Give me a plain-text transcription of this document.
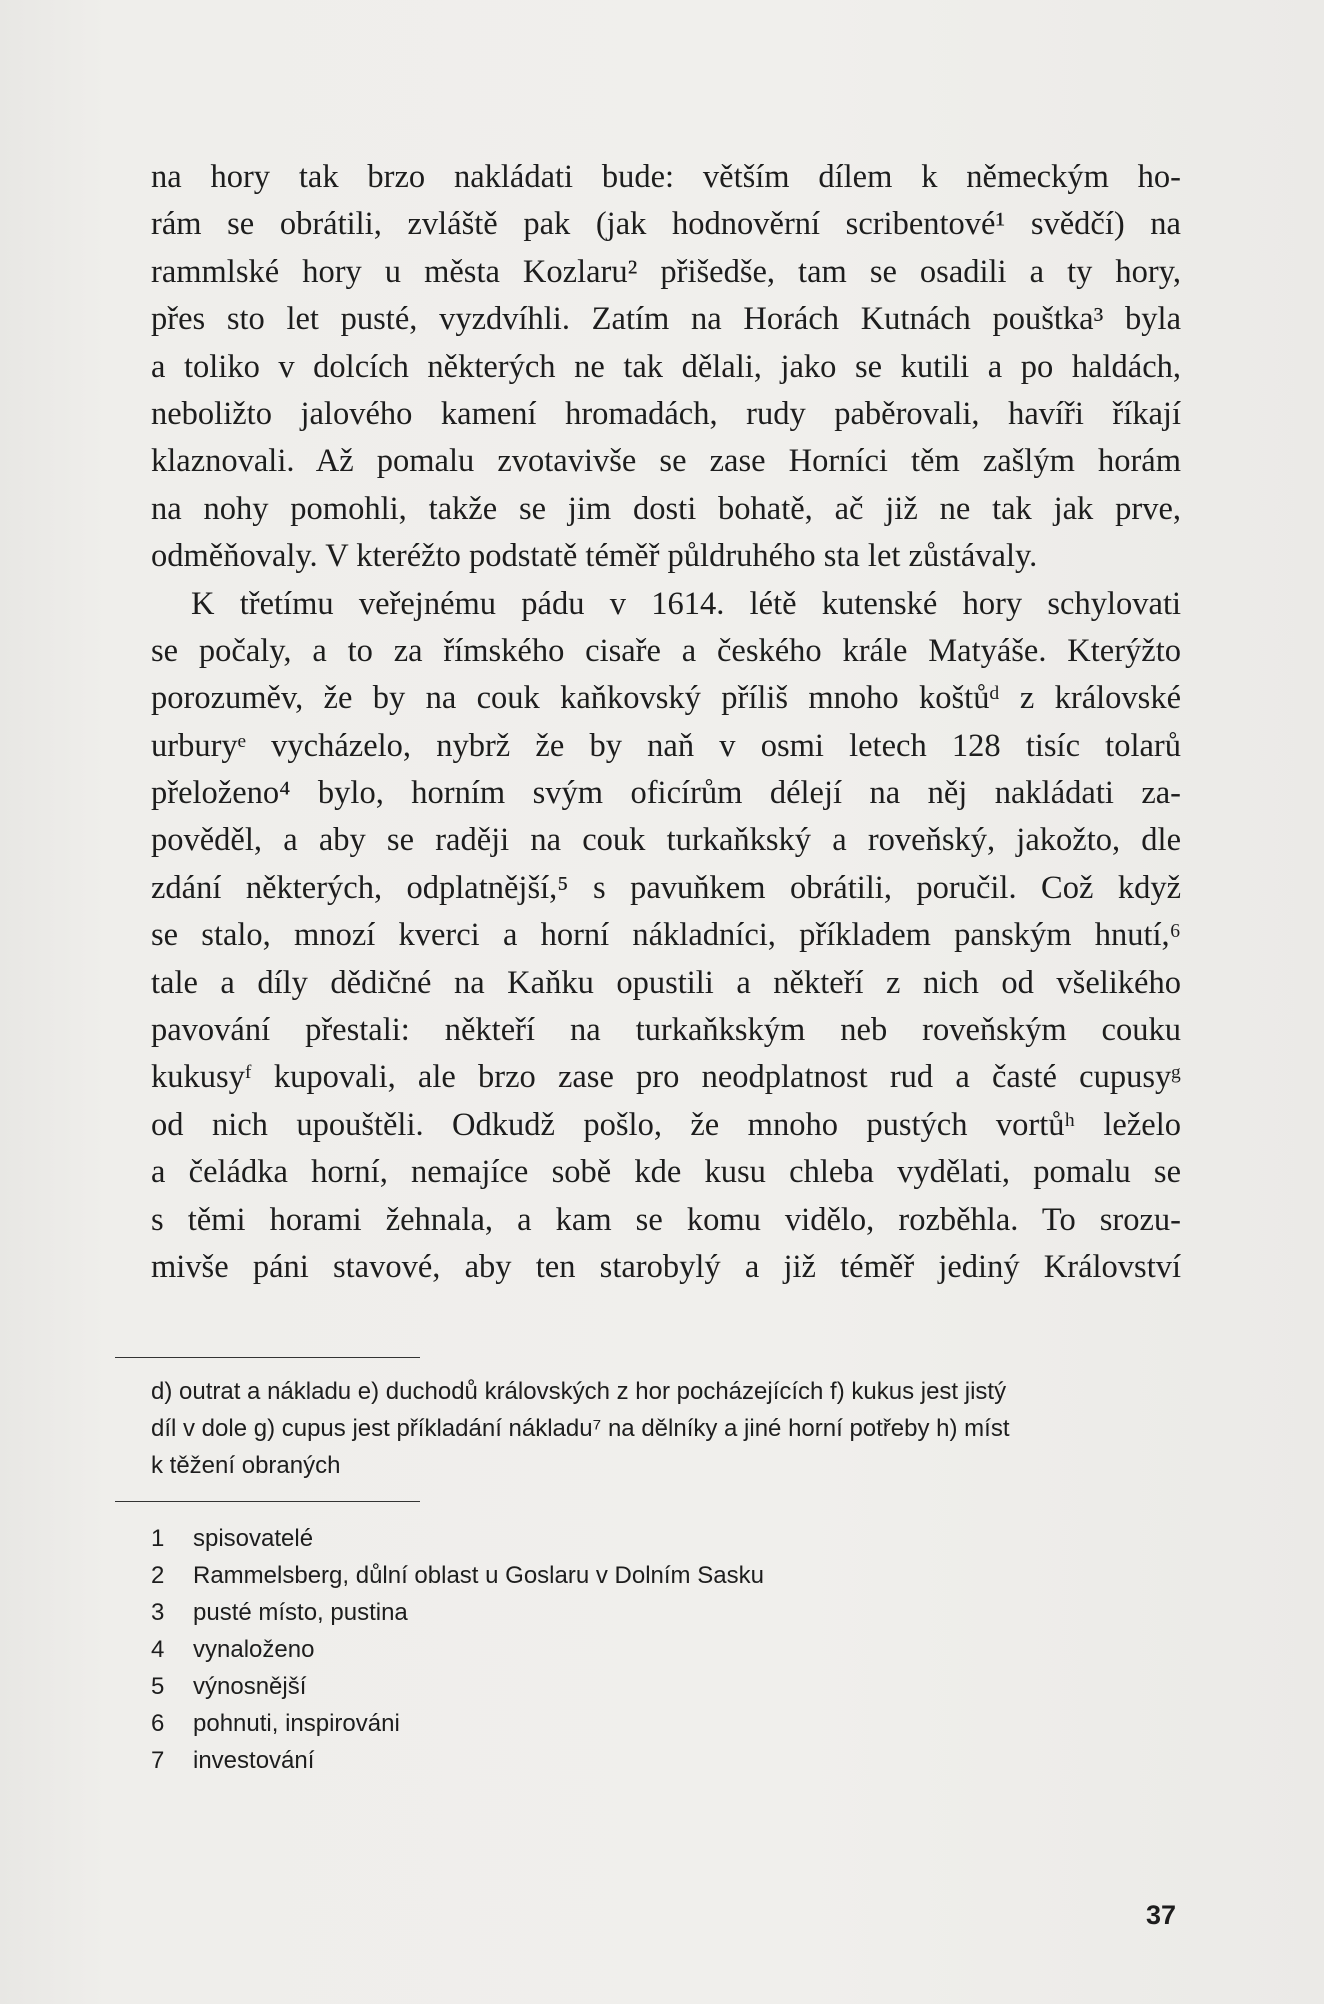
na hory tak brzo nakládati bude: větším dílem k německým ho-
rám se obrátili, zvláště pak (jak hodnověrní scribentové¹ svědčí) na
rammlské hory u města Kozlaru² přišedše, tam se osadili a ty hory,
přes sto let pusté, vyzdvíhli. Zatím na Horách Kutnách pouštka³ byla
a toliko v dolcích některých ne tak dělali, jako se kutili a po haldách,
neboližto jalového kamení hromadách, rudy paběrovali, havíři říkají
klaznovali. Až pomalu zvotavivše se zase Horníci těm zašlým horám
na nohy pomohli, takže se jim dosti bohatě, ač již ne tak jak prve,
odměňovaly. V kteréžto podstatě téměř půldruhého sta let zůstávaly.
K třetímu veřejnému pádu v 1614. létě kutenské hory schylovati
se počaly, a to za římského cisaře a českého krále Matyáše. Kterýžto
porozuměv, že by na couk kaňkovský příliš mnoho koštůᵈ z královské
urburyᵉ vycházelo, nybrž že by naň v osmi letech 128 tisíc tolarů
přeloženo⁴ bylo, horním svým oficírům délejí na něj nakládati za-
pověděl, a aby se raději na couk turkaňkský a roveňský, jakožto, dle
zdání některých, odplatnější,⁵ s pavuňkem obrátili, poručil. Což když
se stalo, mnozí kverci a horní nákladníci, příkladem panským hnutí,⁶
tale a díly dědičné na Kaňku opustili a někteří z nich od všelikého
pavování přestali: někteří na turkaňkským neb roveňským couku
kukusyᶠ kupovali, ale brzo zase pro neodplatnost rud a časté cupusyᵍ
od nich upouštěli. Odkudž pošlo, že mnoho pustých vortůʰ leželo
a čeládka horní, nemajíce sobě kde kusu chleba vydělati, pomalu se
s těmi horami žehnala, a kam se komu vidělo, rozběhla. To srozu-
mivše páni stavové, aby ten starobylý a již téměř jediný Království
d) outrat a nákladu e) duchodů královských z hor pocházejících f) kukus jest jistý
díl v dole g) cupus jest příkladání nákladu⁷ na dělníky a jiné horní potřeby h) míst
k těžení obraných
1	spisovatelé
2	Rammelsberg, důlní oblast u Goslaru v Dolním Sasku
3	pusté místo, pustina
4	vynaloženo
5	výnosnější
6	pohnuti, inspirováni
7	investování
37
